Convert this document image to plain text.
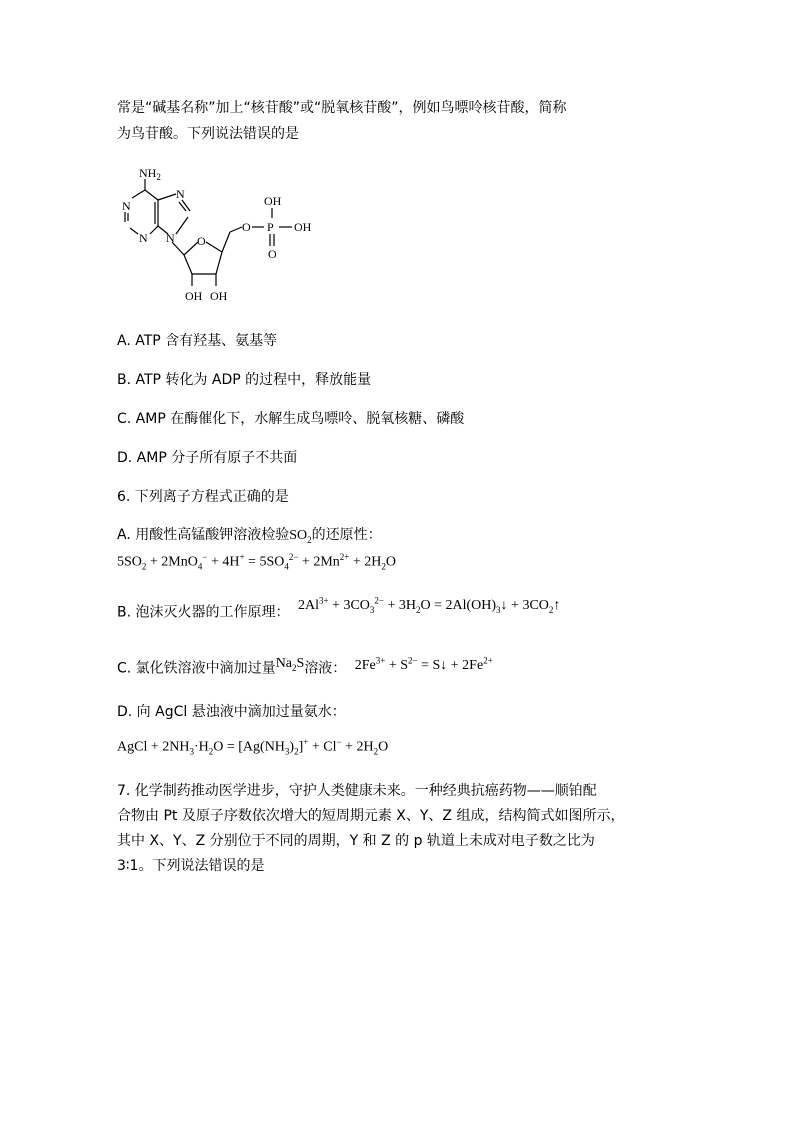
常是“碱基名称”加上“核苷酸”或“脱氧核苷酸”，例如鸟嘌呤核苷酸，简称
为鸟苷酸。下列说法错误的是
$NH_2$
N
N
N
N O
OH OH
O P
OH
OH
O
A. ATP 含有羟基、氨基等
B. ATP 转化为 ADP 的过程中，释放能量
C. AMP 在酶催化下，水解生成鸟嘌呤、脱氧核糖、磷酸
D. AMP 分子所有原子不共面
6. 下列离子方程式正确的是
A. 用酸性高锰酸钾溶液检验$SO_2$的还原性：
$5SO_2 + 2MnO_4^- + 4H^+ = 5SO_4^{2-} + 2Mn^{2+} + 2H_2O$
B. 泡沫灭火器的工作原理： $2Al^{3+} + 3CO_3^{2-} + 3H_2O$ = $2Al(OH)_3↓$ + $3CO_2↑$
C. 氯化铁溶液中滴加过量$Na_2S$溶液： $2Fe^{3+} + S^{2-}$ = S↓ + $2Fe^{2+}$
D. 向 AgCl 悬浊液中滴加过量氨水：
AgCl + $2NH_3\cdot H_2O = [Ag(NH_3)_2]^+ + Cl^- + 2H_2O$
7. 化学制药推动医学进步，守护人类健康未来。一种经典抗癌药物——顺铂配
合物由 Pt 及原子序数依次增大的短周期元素 X、Y、Z 组成，结构简式如图所示，
其中 X、Y、Z 分别位于不同的周期，Y 和 Z 的 p 轨道上未成对电子数之比为
3∶1。下列说法错误的是
